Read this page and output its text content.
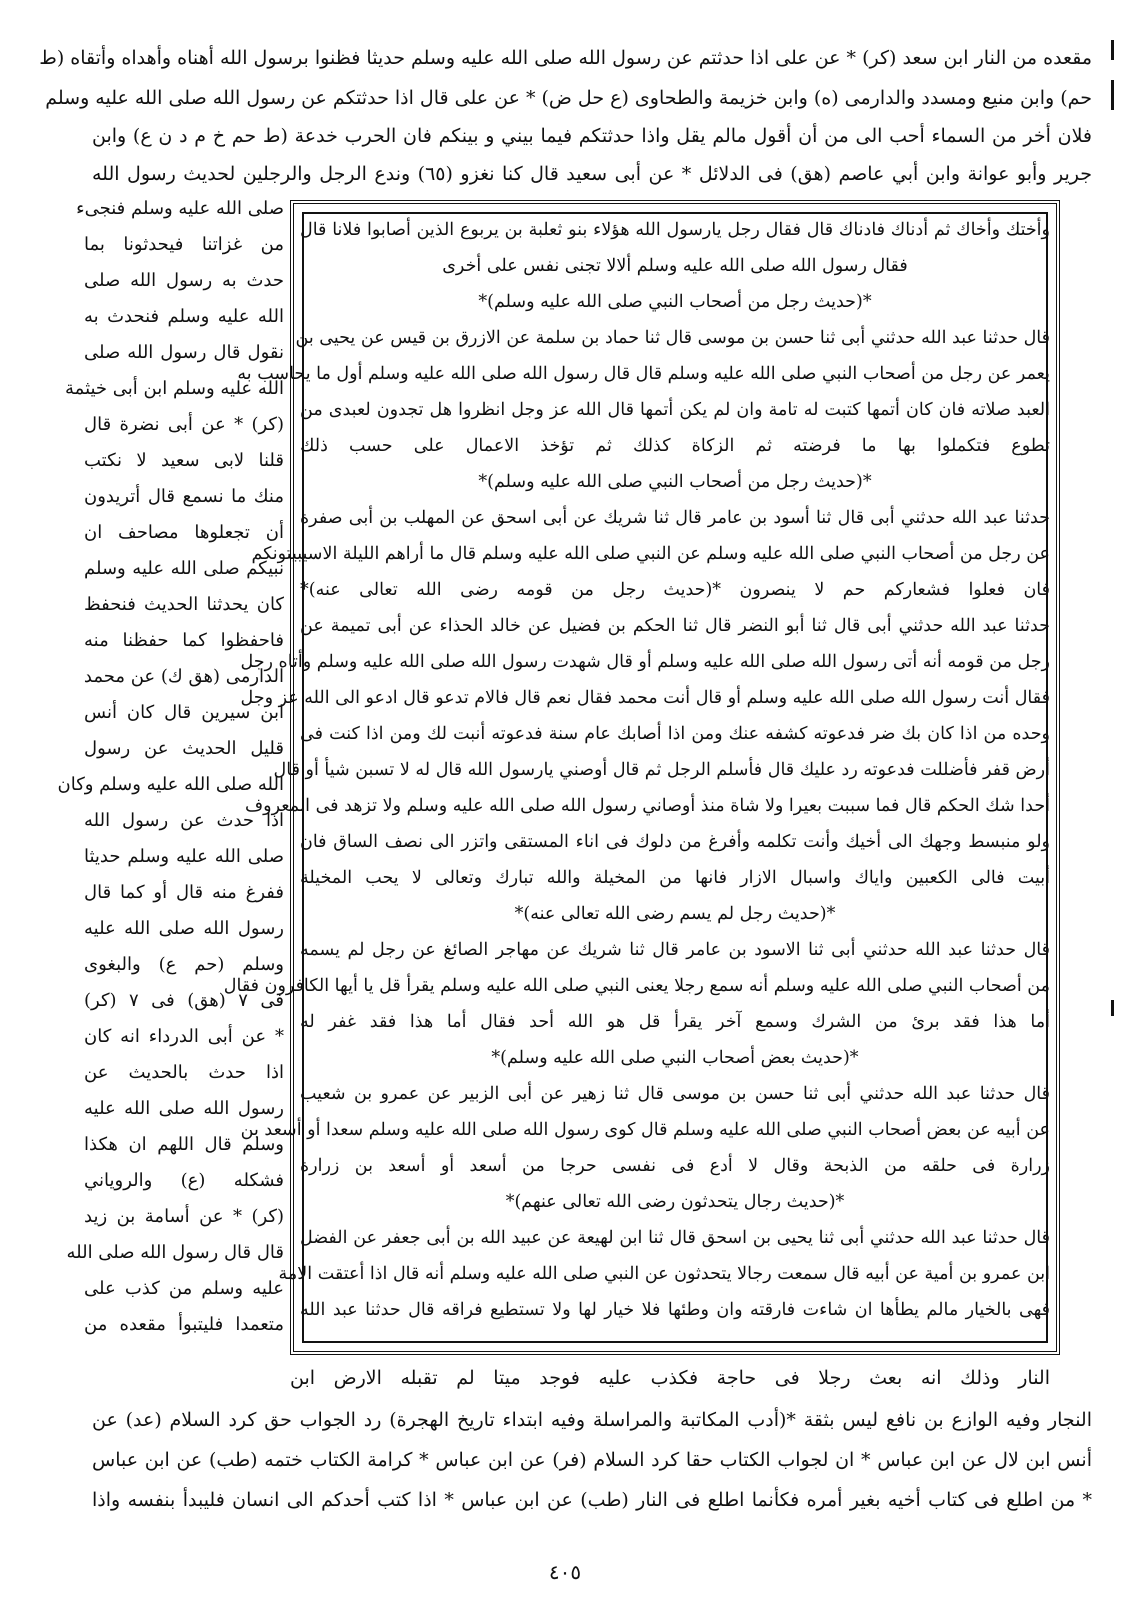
مقعده من النار ابن سعد (كر) * عن على اذا حدثتم عن رسول الله صلى الله عليه وسلم حديثا فظنوا برسول الله أهناه وأهداه وأتقاه (ط
حم) وابن منيع ومسدد والدارمى (ه) وابن خزيمة والطحاوى (ع حل ض) * عن على قال اذا حدثتكم عن رسول الله صلى الله عليه وسلم
فلان أخر من السماء أحب الى من أن أقول مالم يقل واذا حدثتكم فيما بيني و بينكم فان الحرب خدعة (ط حم خ م د ن ع) وابن
جرير وأبو عوانة وابن أبي عاصم (هق) فى الدلائل * عن أبى سعيد قال كنا نغزو (٦٥) وندع الرجل والرجلين لحديث رسول الله
وأختك وأخاك ثم أدناك فادناك قال فقال رجل يارسول الله هؤلاء بنو ثعلبة بن يربوع الذين أصابوا فلانا قال
فقال رسول الله صلى الله عليه وسلم ألالا تجنى نفس على أخرى
*(حديث رجل من أصحاب النبي صلى الله عليه وسلم)*
قال حدثنا عبد الله حدثني أبى ثنا حسن بن موسى قال ثنا حماد بن سلمة عن الازرق بن قيس عن يحيى بن
يعمر عن رجل من أصحاب النبي صلى الله عليه وسلم قال قال رسول الله صلى الله عليه وسلم أول ما يحاسب به
العبد صلاته فان كان أتمها كتبت له تامة وان لم يكن أتمها قال الله عز وجل انظروا هل تجدون لعبدى من
تطوع فتكملوا بها ما فرضته ثم الزكاة كذلك ثم تؤخذ الاعمال على حسب ذلك
*(حديث رجل من أصحاب النبي صلى الله عليه وسلم)*
حدثنا عبد الله حدثني أبى قال ثنا أسود بن عامر قال ثنا شريك عن أبى اسحق عن المهلب بن أبى صفرة
عن رجل من أصحاب النبي صلى الله عليه وسلم عن النبي صلى الله عليه وسلم قال ما أراهم الليلة الاسيبيتونكم
فان فعلوا فشعاركم حم لا ينصرون *(حديث رجل من قومه رضى الله تعالى عنه)*
حدثنا عبد الله حدثني أبى قال ثنا أبو النضر قال ثنا الحكم بن فضيل عن خالد الحذاء عن أبى تميمة عن
رجل من قومه أنه أتى رسول الله صلى الله عليه وسلم أو قال شهدت رسول الله صلى الله عليه وسلم وأتاه رجل
فقال أنت رسول الله صلى الله عليه وسلم أو قال أنت محمد فقال نعم قال فالام تدعو قال ادعو الى الله عز وجل
وحده من اذا كان بك ضر فدعوته كشفه عنك ومن اذا أصابك عام سنة فدعوته أنبت لك ومن اذا كنت فى
أرض قفر فأضللت فدعوته رد عليك قال فأسلم الرجل ثم قال أوصني يارسول الله قال له لا تسبن شيأ أو قال
أحدا شك الحكم قال فما سببت بعيرا ولا شاة منذ أوصاني رسول الله صلى الله عليه وسلم ولا تزهد فى المعروف
ولو منبسط وجهك الى أخيك وأنت تكلمه وأفرغ من دلوك فى اناء المستقى واتزر الى نصف الساق فان
أبيت فالى الكعبين واياك واسبال الازار فانها من المخيلة والله تبارك وتعالى لا يحب المخيلة
*(حديث رجل لم يسم رضى الله تعالى عنه)*
قال حدثنا عبد الله حدثني أبى ثنا الاسود بن عامر قال ثنا شريك عن مهاجر الصائغ عن رجل لم يسمه
من أصحاب النبي صلى الله عليه وسلم أنه سمع رجلا يعنى النبي صلى الله عليه وسلم يقرأ قل يا أيها الكافرون فقال
أما هذا فقد برئ من الشرك وسمع آخر يقرأ قل هو الله أحد فقال أما هذا فقد غفر له
*(حديث بعض أصحاب النبي صلى الله عليه وسلم)*
قال حدثنا عبد الله حدثني أبى ثنا حسن بن موسى قال ثنا زهير عن أبى الزبير عن عمرو بن شعيب
عن أبيه عن بعض أصحاب النبي صلى الله عليه وسلم قال كوى رسول الله صلى الله عليه وسلم سعدا أو أسعد بن
زرارة فى حلقه من الذبحة وقال لا أدع فى نفسى حرجا من أسعد أو أسعد بن زرارة
*(حديث رجال يتحدثون رضى الله تعالى عنهم)*
قال حدثنا عبد الله حدثني أبى ثنا يحيى بن اسحق قال ثنا ابن لهيعة عن عبيد الله بن أبى جعفر عن الفضل
ابن عمرو بن أمية عن أبيه قال سمعت رجالا يتحدثون عن النبي صلى الله عليه وسلم أنه قال اذا أعتقت الامة
فهى بالخيار مالم يطأها ان شاءت فارقته وان وطئها فلا خيار لها ولا تستطيع فراقه قال حدثنا عبد الله
صلى الله عليه وسلم فنجىء
من غزاتنا فيحدثونا بما
حدث به رسول الله صلى
الله عليه وسلم فنحدث به
نقول قال رسول الله صلى
الله عليه وسلم ابن أبى خيثمة
(كر) * عن أبى نضرة قال
قلنا لابى سعيد لا نكتب
منك ما نسمع قال أتريدون
أن تجعلوها مصاحف ان
نبيكم صلى الله عليه وسلم
كان يحدثنا الحديث فنحفظ
فاحفظوا كما حفظنا منه
الدارمى (هق ك) عن محمد
ابن سيرين قال كان أنس
قليل الحديث عن رسول
الله صلى الله عليه وسلم وكان
اذا حدث عن رسول الله
صلى الله عليه وسلم حديثا
ففرغ منه قال أو كما قال
رسول الله صلى الله عليه
وسلم (حم ع) والبغوى
فى ٧ (هق) فى ٧ (كر)
* عن أبى الدرداء انه كان
اذا حدث بالحديث عن
رسول الله صلى الله عليه
وسلم قال اللهم ان هكذا
فشكله (ع) والروياني
(كر) * عن أسامة بن زيد
قال قال رسول الله صلى الله
عليه وسلم من كذب على
متعمدا فليتبوأ مقعده من
النار وذلك انه بعث رجلا فى حاجة فكذب عليه فوجد ميتا لم تقبله الارض ابن
النجار وفيه الوازع بن نافع ليس بثقة *(أدب المكاتبة والمراسلة وفيه ابتداء تاريخ الهجرة) رد الجواب حق كرد السلام (عد) عن
أنس ابن لال عن ابن عباس * ان لجواب الكتاب حقا كرد السلام (فر) عن ابن عباس * كرامة الكتاب ختمه (طب) عن ابن عباس
* من اطلع فى كتاب أخيه بغير أمره فكأنما اطلع فى النار (طب) عن ابن عباس * اذا كتب أحدكم الى انسان فليبدأ بنفسه واذا
٤٠٥
